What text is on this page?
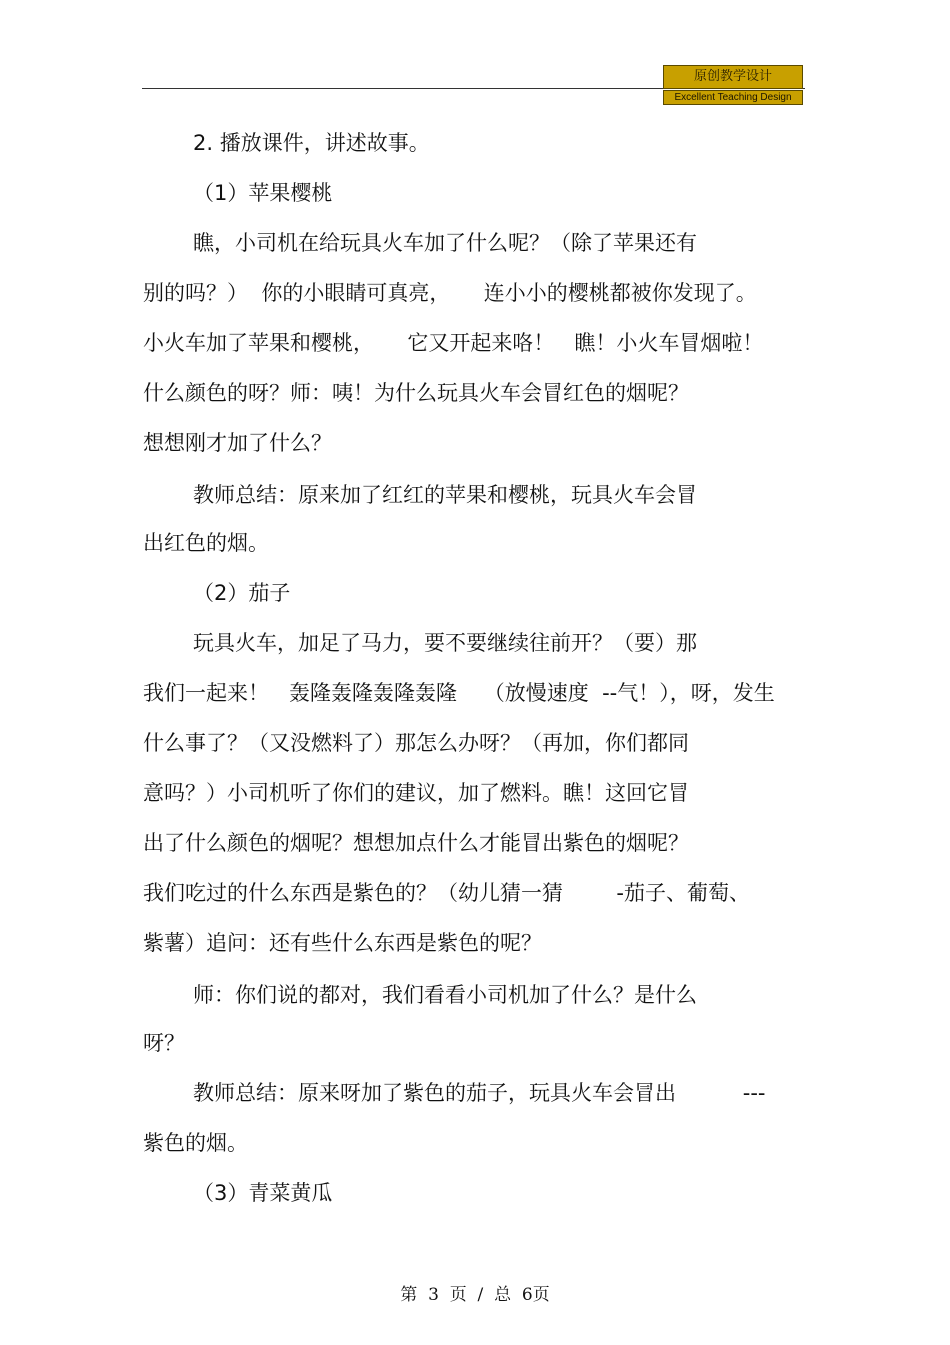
原创教学设计
Excellent Teaching Design
2. 播放课件，讲述故事。
（1）苹果樱桃
瞧，小司机在给玩具火车加了什么呢？（除了苹果还有
别的吗？）  你的小眼睛可真亮，     连小小的樱桃都被你发现了。
小火车加了苹果和樱桃，     它又开起来咯！   瞧！小火车冒烟啦！
什么颜色的呀？师：咦！为什么玩具火车会冒红色的烟呢？
想想刚才加了什么？
教师总结：原来加了红红的苹果和樱桃，玩具火车会冒
出红色的烟。
（2）茄子
玩具火车，加足了马力，要不要继续往前开？（要）那
我们一起来！   轰隆轰隆轰隆轰隆    （放慢速度  --气！），呀，发生
什么事了？（又没燃料了）那怎么办呀？（再加，你们都同
意吗？）小司机听了你们的建议，加了燃料。瞧！这回它冒
出了什么颜色的烟呢？想想加点什么才能冒出紫色的烟呢？
我们吃过的什么东西是紫色的？（幼儿猜一猜        -茄子、葡萄、
紫薯）追问：还有些什么东西是紫色的呢？
师：你们说的都对，我们看看小司机加了什么？是什么
呀？
教师总结：原来呀加了紫色的茄子，玩具火车会冒出          ---
紫色的烟。
（3）青菜黄瓜
第  3  页  /  总  6页
